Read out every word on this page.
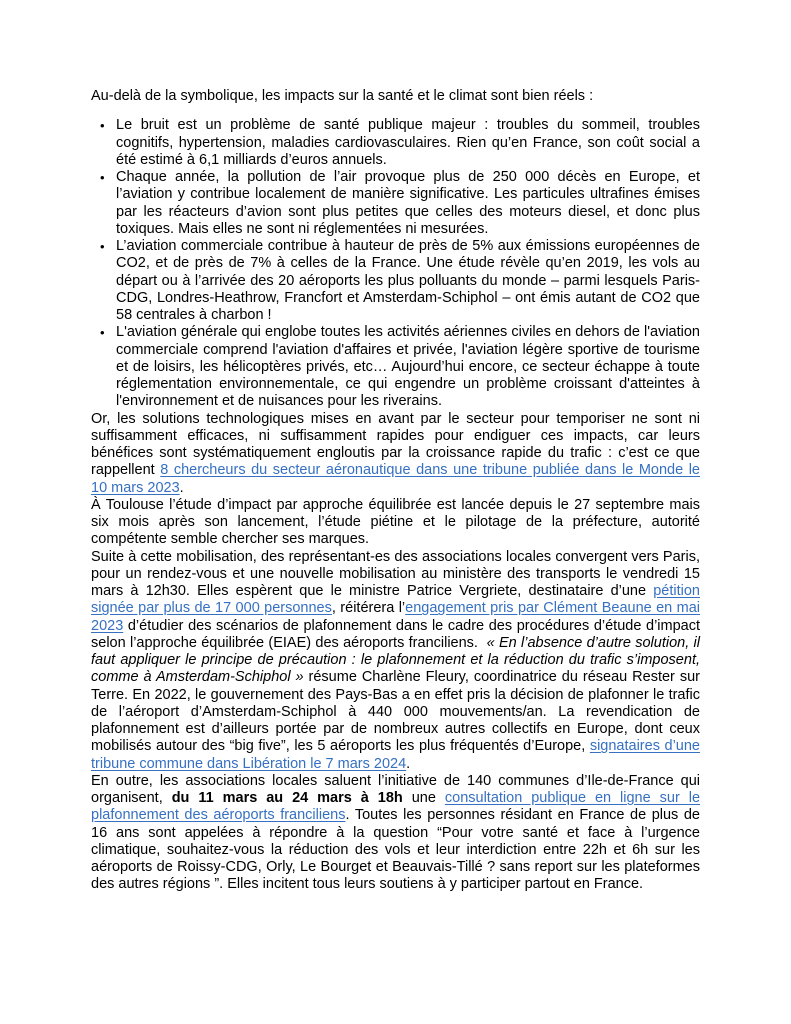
Au-delà de la symbolique, les impacts sur la santé et le climat sont bien réels :

• Le bruit est un problème de santé publique majeur : troubles du sommeil, troubles cognitifs, hypertension, maladies cardiovasculaires. Rien qu’en France, son coût social a été estimé à 6,1 milliards d’euros annuels.
• Chaque année, la pollution de l’air provoque plus de 250 000 décès en Europe, et l’aviation y contribue localement de manière significative. Les particules ultrafines émises par les réacteurs d’avion sont plus petites que celles des moteurs diesel, et donc plus toxiques. Mais elles ne sont ni réglementées ni mesurées.
• L’aviation commerciale contribue à hauteur de près de 5% aux émissions européennes de CO2, et de près de 7% à celles de la France. Une étude révèle qu’en 2019, les vols au départ ou à l’arrivée des 20 aéroports les plus polluants du monde – parmi lesquels Paris-CDG, Londres-Heathrow, Francfort et Amsterdam-Schiphol – ont émis autant de CO2 que 58 centrales à charbon !
• L'aviation générale qui englobe toutes les activités aériennes civiles en dehors de l'aviation commerciale comprend l'aviation d'affaires et privée, l'aviation légère sportive de tourisme et de loisirs, les hélicoptères privés, etc… Aujourd’hui encore, ce secteur échappe à toute réglementation environnementale, ce qui engendre un problème croissant d'atteintes à l'environnement et de nuisances pour les riverains.

Or, les solutions technologiques mises en avant par le secteur pour temporiser ne sont ni suffisamment efficaces, ni suffisamment rapides pour endiguer ces impacts, car leurs bénéfices sont systématiquement engloutis par la croissance rapide du trafic : c’est ce que rappellent 8 chercheurs du secteur aéronautique dans une tribune publiée dans le Monde le 10 mars 2023.

À Toulouse l’étude d’impact par approche équilibrée est lancée depuis le 27 septembre mais six mois après son lancement, l’étude piétine et le pilotage de la préfecture, autorité compétente semble chercher ses marques.

Suite à cette mobilisation, des représentant-es des associations locales convergent vers Paris, pour un rendez-vous et une nouvelle mobilisation au ministère des transports le vendredi 15 mars à 12h30. Elles espèrent que le ministre Patrice Vergriete, destinataire d’une pétition signée par plus de 17 000 personnes, réitérera l’engagement pris par Clément Beaune en mai 2023 d’étudier des scénarios de plafonnement dans le cadre des procédures d’étude d’impact selon l’approche équilibrée (EIAE) des aéroports franciliens.  « En l’absence d’autre solution, il faut appliquer le principe de précaution : le plafonnement et la réduction du trafic s’imposent, comme à Amsterdam-Schiphol » résume Charlène Fleury, coordinatrice du réseau Rester sur Terre. En 2022, le gouvernement des Pays-Bas a en effet pris la décision de plafonner le trafic de l’aéroport d’Amsterdam-Schiphol à 440 000 mouvements/an. La revendication de plafonnement est d’ailleurs portée par de nombreux autres collectifs en Europe, dont ceux mobilisés autour des “big five”, les 5 aéroports les plus fréquentés d’Europe, signataires d’une tribune commune dans Libération le 7 mars 2024.

En outre, les associations locales saluent l’initiative de 140 communes d’Ile-de-France qui organisent, du 11 mars au 24 mars à 18h une consultation publique en ligne sur le plafonnement des aéroports franciliens. Toutes les personnes résidant en France de plus de 16 ans sont appelées à répondre à la question “Pour votre santé et face à l’urgence climatique, souhaitez-vous la réduction des vols et leur interdiction entre 22h et 6h sur les aéroports de Roissy-CDG, Orly, Le Bourget et Beauvais-Tillé ? sans report sur les plateformes des autres régions ”. Elles incitent tous leurs soutiens à y participer partout en France.
